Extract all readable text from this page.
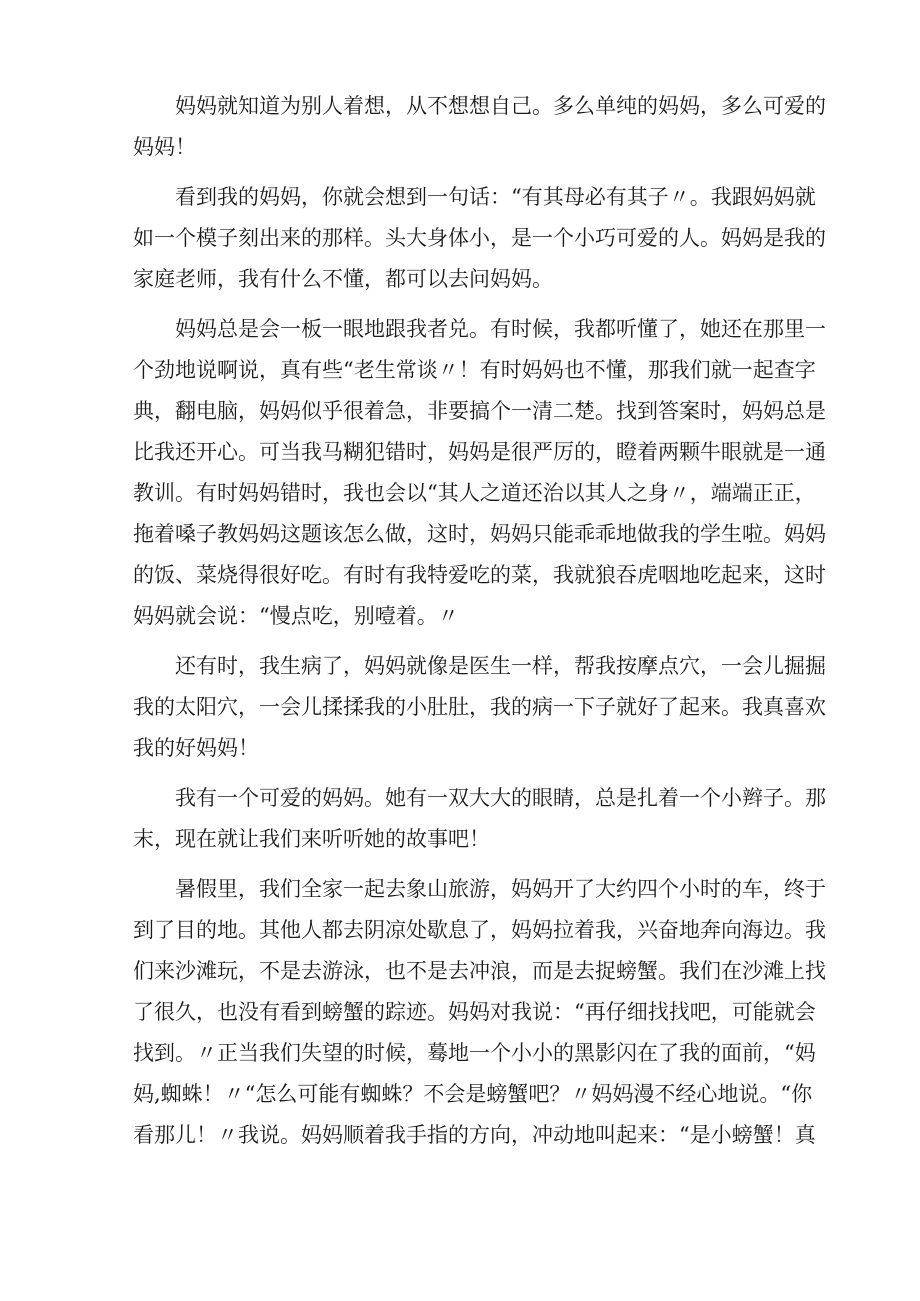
妈妈就知道为别人着想，从不想想自己。多么单纯的妈妈，多么可爱的
妈妈！
看到我的妈妈，你就会想到一句话：“有其母必有其子〃。我跟妈妈就
如一个模子刻出来的那样。头大身体小，是一个小巧可爱的人。妈妈是我的
家庭老师，我有什么不懂，都可以去问妈妈。
妈妈总是会一板一眼地跟我者兑。有时候，我都听懂了，她还在那里一
个劲地说啊说，真有些“老生常谈〃！有时妈妈也不懂，那我们就一起查字
典，翻电脑，妈妈似乎很着急，非要搞个一清二楚。找到答案时，妈妈总是
比我还开心。可当我马糊犯错时，妈妈是很严厉的，瞪着两颗牛眼就是一通
教训。有时妈妈错时，我也会以“其人之道还治以其人之身〃，端端正正，
拖着嗓子教妈妈这题该怎么做，这时，妈妈只能乖乖地做我的学生啦。妈妈
的饭、菜烧得很好吃。有时有我特爱吃的菜，我就狼吞虎咽地吃起来，这时
妈妈就会说：“慢点吃，别噎着。〃
还有时，我生病了，妈妈就像是医生一样，帮我按摩点穴，一会儿掘掘
我的太阳穴，一会儿揉揉我的小肚肚，我的病一下子就好了起来。我真喜欢
我的好妈妈！
我有一个可爱的妈妈。她有一双大大的眼睛，总是扎着一个小辫子。那
末，现在就让我们来听听她的故事吧！
暑假里，我们全家一起去象山旅游，妈妈开了大约四个小时的车，终于
到了目的地。其他人都去阴凉处歇息了，妈妈拉着我，兴奋地奔向海边。我
们来沙滩玩，不是去游泳，也不是去冲浪，而是去捉螃蟹。我们在沙滩上找
了很久，也没有看到螃蟹的踪迹。妈妈对我说：“再仔细找找吧，可能就会
找到。〃正当我们失望的时候，蓦地一个小小的黑影闪在了我的面前，“妈
妈,蜘蛛！〃“怎么可能有蜘蛛？不会是螃蟹吧？〃妈妈漫不经心地说。“你
看那儿！〃我说。妈妈顺着我手指的方向，冲动地叫起来：“是小螃蟹！真
